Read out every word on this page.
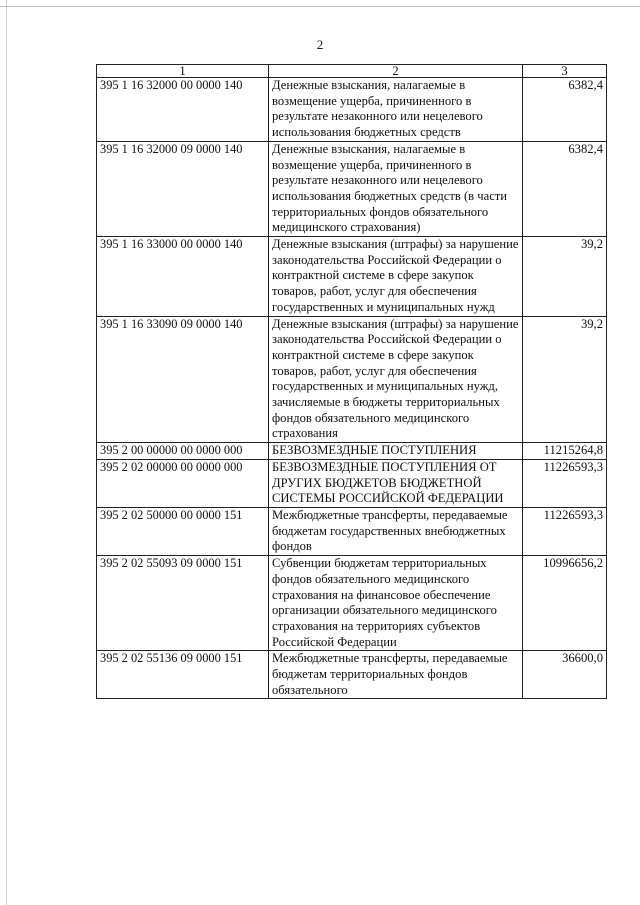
2
1	2	3
395 1 16 32000 00 0000 140	Денежные взыскания, налагаемые в возмещение ущерба, причиненного в результате незаконного или нецелевого использования бюджетных средств	6382,4
395 1 16 32000 09 0000 140	Денежные взыскания, налагаемые в возмещение ущерба, причиненного в результате незаконного или нецелевого использования бюджетных средств (в части территориальных фондов обязательного медицинского страхования)	6382,4
395 1 16 33000 00 0000 140	Денежные взыскания (штрафы) за нарушение законодательства Российской Федерации о контрактной системе в сфере закупок товаров, работ, услуг для обеспечения государственных и муниципальных нужд	39,2
395 1 16 33090 09 0000 140	Денежные взыскания (штрафы) за нарушение законодательства Российской Федерации о контрактной системе в сфере закупок товаров, работ, услуг для обеспечения государственных и муниципальных нужд, зачисляемые в бюджеты территориальных фондов обязательного медицинского страхования	39,2
395 2 00 00000 00 0000 000	БЕЗВОЗМЕЗДНЫЕ ПОСТУПЛЕНИЯ	11215264,8
395 2 02 00000 00 0000 000	БЕЗВОЗМЕЗДНЫЕ ПОСТУПЛЕНИЯ ОТ ДРУГИХ БЮДЖЕТОВ БЮДЖЕТНОЙ СИСТЕМЫ РОССИЙСКОЙ ФЕДЕРАЦИИ	11226593,3
395 2 02 50000 00 0000 151	Межбюджетные трансферты, передаваемые бюджетам государственных внебюджетных фондов	11226593,3
395 2 02 55093 09 0000 151	Субвенции бюджетам территориальных фондов обязательного медицинского страхования на финансовое обеспечение организации обязательного медицинского страхования на территориях субъектов Российской Федерации	10996656,2
395 2 02 55136 09 0000 151	Межбюджетные трансферты, передаваемые бюджетам территориальных фондов обязательного	36600,0
